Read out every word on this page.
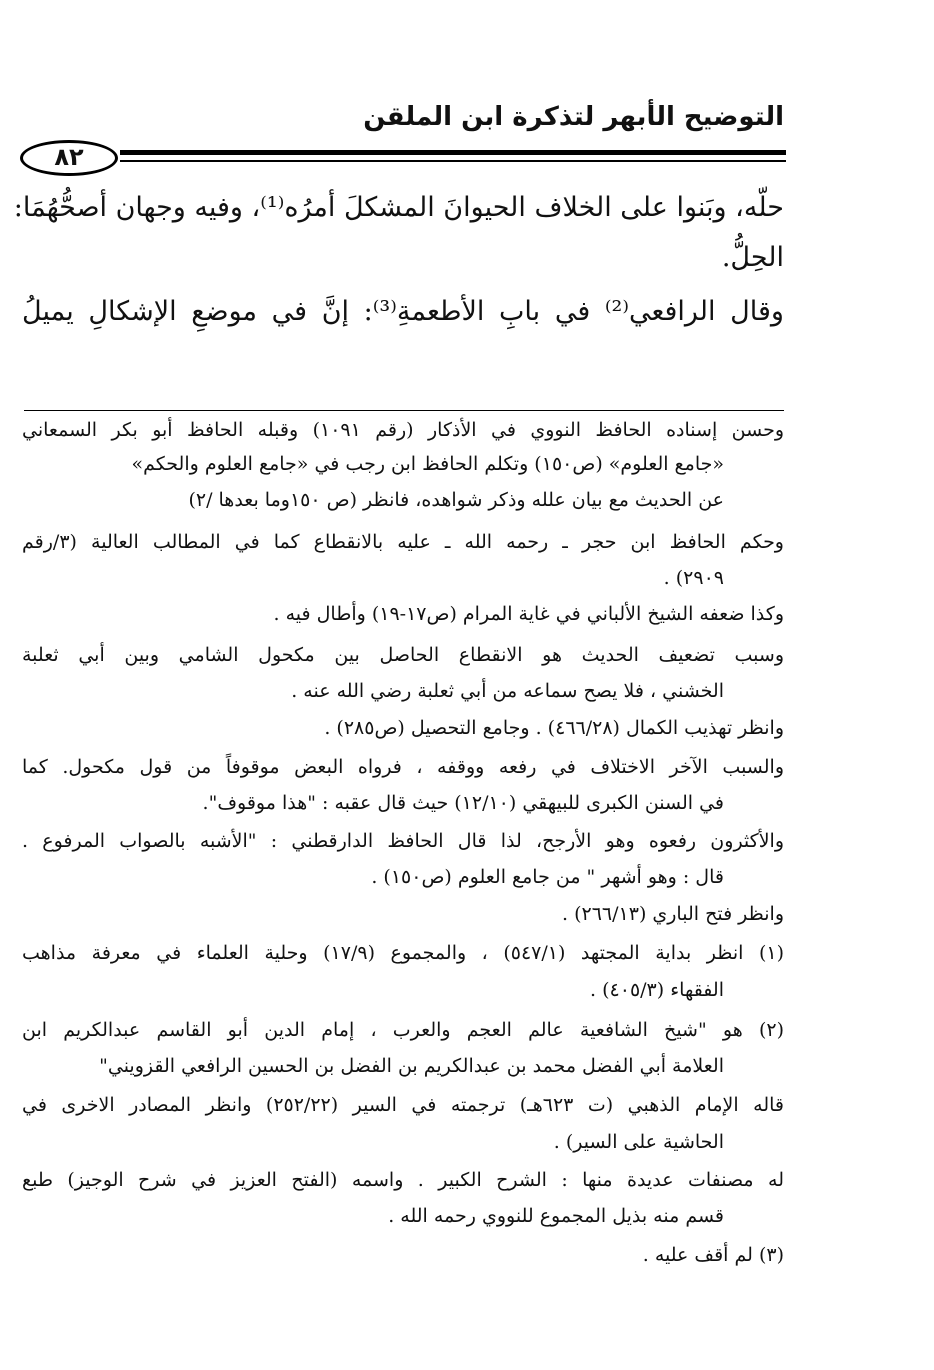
التوضيح الأبهر لتذكرة ابن الملقن
٨٢
حلّه، وبَنوا على الخلاف الحيوانَ المشكلَ أمرُه⁽¹⁾، وفيه وجهان أصحُّهُمَا:
الحِلُّ.
وقال الرافعي⁽²⁾ في بابِ الأطعمةِ⁽³⁾: إنَّ في موضعِ الإشكالِ يميلُ
وحسن إسناده الحافظ النووي في الأذكار (رقم ١٠٩١) وقبله الحافظ أبو بكر السمعاني
«جامع العلوم» (ص١٥٠) وتكلم الحافظ ابن رجب في «جامع العلوم والحكم»
عن الحديث مع بيان علله وذكر شواهده، فانظر (ص ١٥٠وما بعدها /٢)
وحكم الحافظ ابن حجر ـ رحمه الله ـ عليه بالانقطاع كما في المطالب العالية (٣/رقم
٢٩٠٩) .
وكذا ضعفه الشيخ الألباني في غاية المرام (ص١٧-١٩) وأطال فيه .
وسبب تضعيف الحديث هو الانقطاع الحاصل بين مكحول الشامي وبين أبي ثعلبة
الخشني ، فلا يصح سماعه من أبي ثعلبة رضي الله عنه .
وانظر تهذيب الكمال (٤٦٦/٢٨) . وجامع التحصيل (ص٢٨٥) .
والسبب الآخر الاختلاف في رفعه ووقفه ، فرواه البعض موقوفاً من قول مكحول. كما
في السنن الكبرى للبيهقي (١٢/١٠) حيث قال عقبه : "هذا موقوف".
والأكثرون رفعوه وهو الأرجح، لذا قال الحافظ الدارقطني : "الأشبه بالصواب المرفوع .
قال : وهو أشهر " من جامع العلوم (ص١٥٠) .
وانظر فتح الباري (٢٦٦/١٣) .
(١) انظر بداية المجتهد (٥٤٧/١) ، والمجموع (١٧/٩) وحلية العلماء في معرفة مذاهب
الفقهاء (٤٠٥/٣) .
(٢) هو "شيخ الشافعية عالم العجم والعرب ، إمام الدين أبو القاسم عبدالكريم ابن
العلامة أبي الفضل محمد بن عبدالكريم بن الفضل بن الحسين الرافعي القزويني"
قاله الإمام الذهبي (ت ٦٢٣هـ) ترجمته في السير (٢٥٢/٢٢) وانظر المصادر الاخرى في
الحاشية على السير) .
له مصنفات عديدة منها : الشرح الكبير . واسمه (الفتح العزيز في شرح الوجيز) طبع
قسم منه بذيل المجموع للنووي رحمه الله .
(٣) لم أقف عليه .
